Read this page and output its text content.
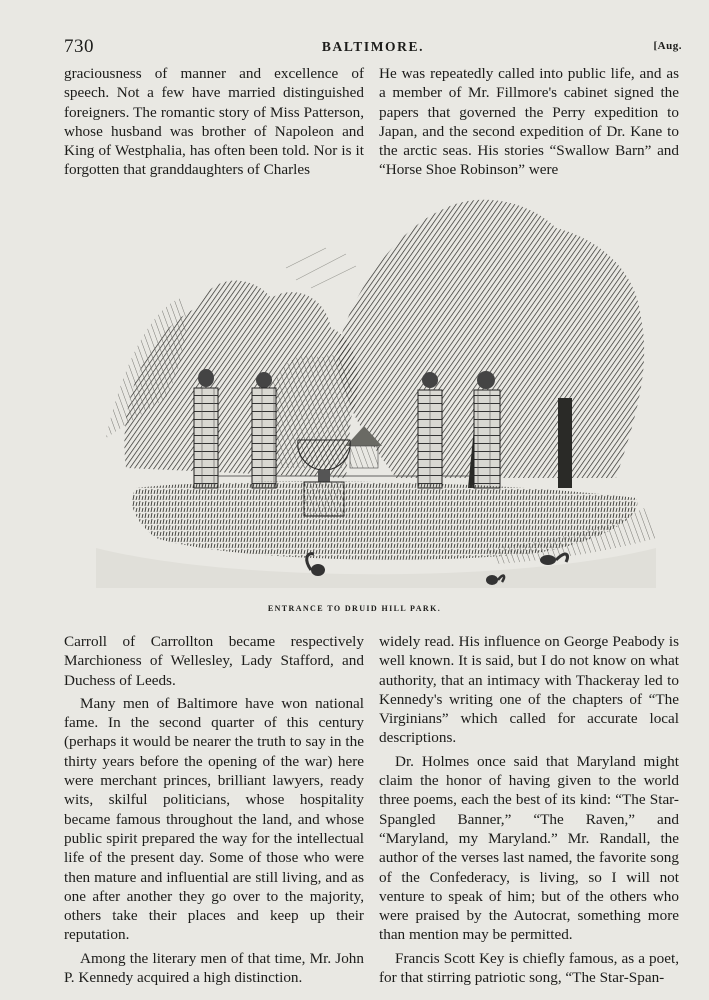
730	BALTIMORE.	[Aug.

graciousness of manner and excellence of speech. Not a few have married distinguished foreigners. The romantic story of Miss Patterson, whose husband was brother of Napoleon and King of Westphalia, has often been told. Nor is it forgotten that granddaughters of Charles

He was repeatedly called into public life, and as a member of Mr. Fillmore's cabinet signed the papers that governed the Perry expedition to Japan, and the second expedition of Dr. Kane to the arctic seas. His stories “Swallow Barn” and “Horse Shoe Robinson” were

ENTRANCE TO DRUID HILL PARK.

Carroll of Carrollton became respectively Marchioness of Wellesley, Lady Stafford, and Duchess of Leeds.

Many men of Baltimore have won national fame. In the second quarter of this century (perhaps it would be nearer the truth to say in the thirty years before the opening of the war) here were merchant princes, brilliant lawyers, ready wits, skilful politicians, whose hospitality became famous throughout the land, and whose public spirit prepared the way for the intellectual life of the present day. Some of those who were then mature and influential are still living, and as one after another they go over to the majority, others take their places and keep up their reputation.

Among the literary men of that time, Mr. John P. Kennedy acquired a high distinction.

widely read. His influence on George Peabody is well known. It is said, but I do not know on what authority, that an intimacy with Thackeray led to Kennedy's writing one of the chapters of “The Virginians” which called for accurate local descriptions.

Dr. Holmes once said that Maryland might claim the honor of having given to the world three poems, each the best of its kind: “The Star-Spangled Banner,” “The Raven,” and “Maryland, my Maryland.” Mr. Randall, the author of the verses last named, the favorite song of the Confederacy, is living, so I will not venture to speak of him; but of the others who were praised by the Autocrat, something more than mention may be permitted.

Francis Scott Key is chiefly famous, as a poet, for that stirring patriotic song, “The Star-Span-
